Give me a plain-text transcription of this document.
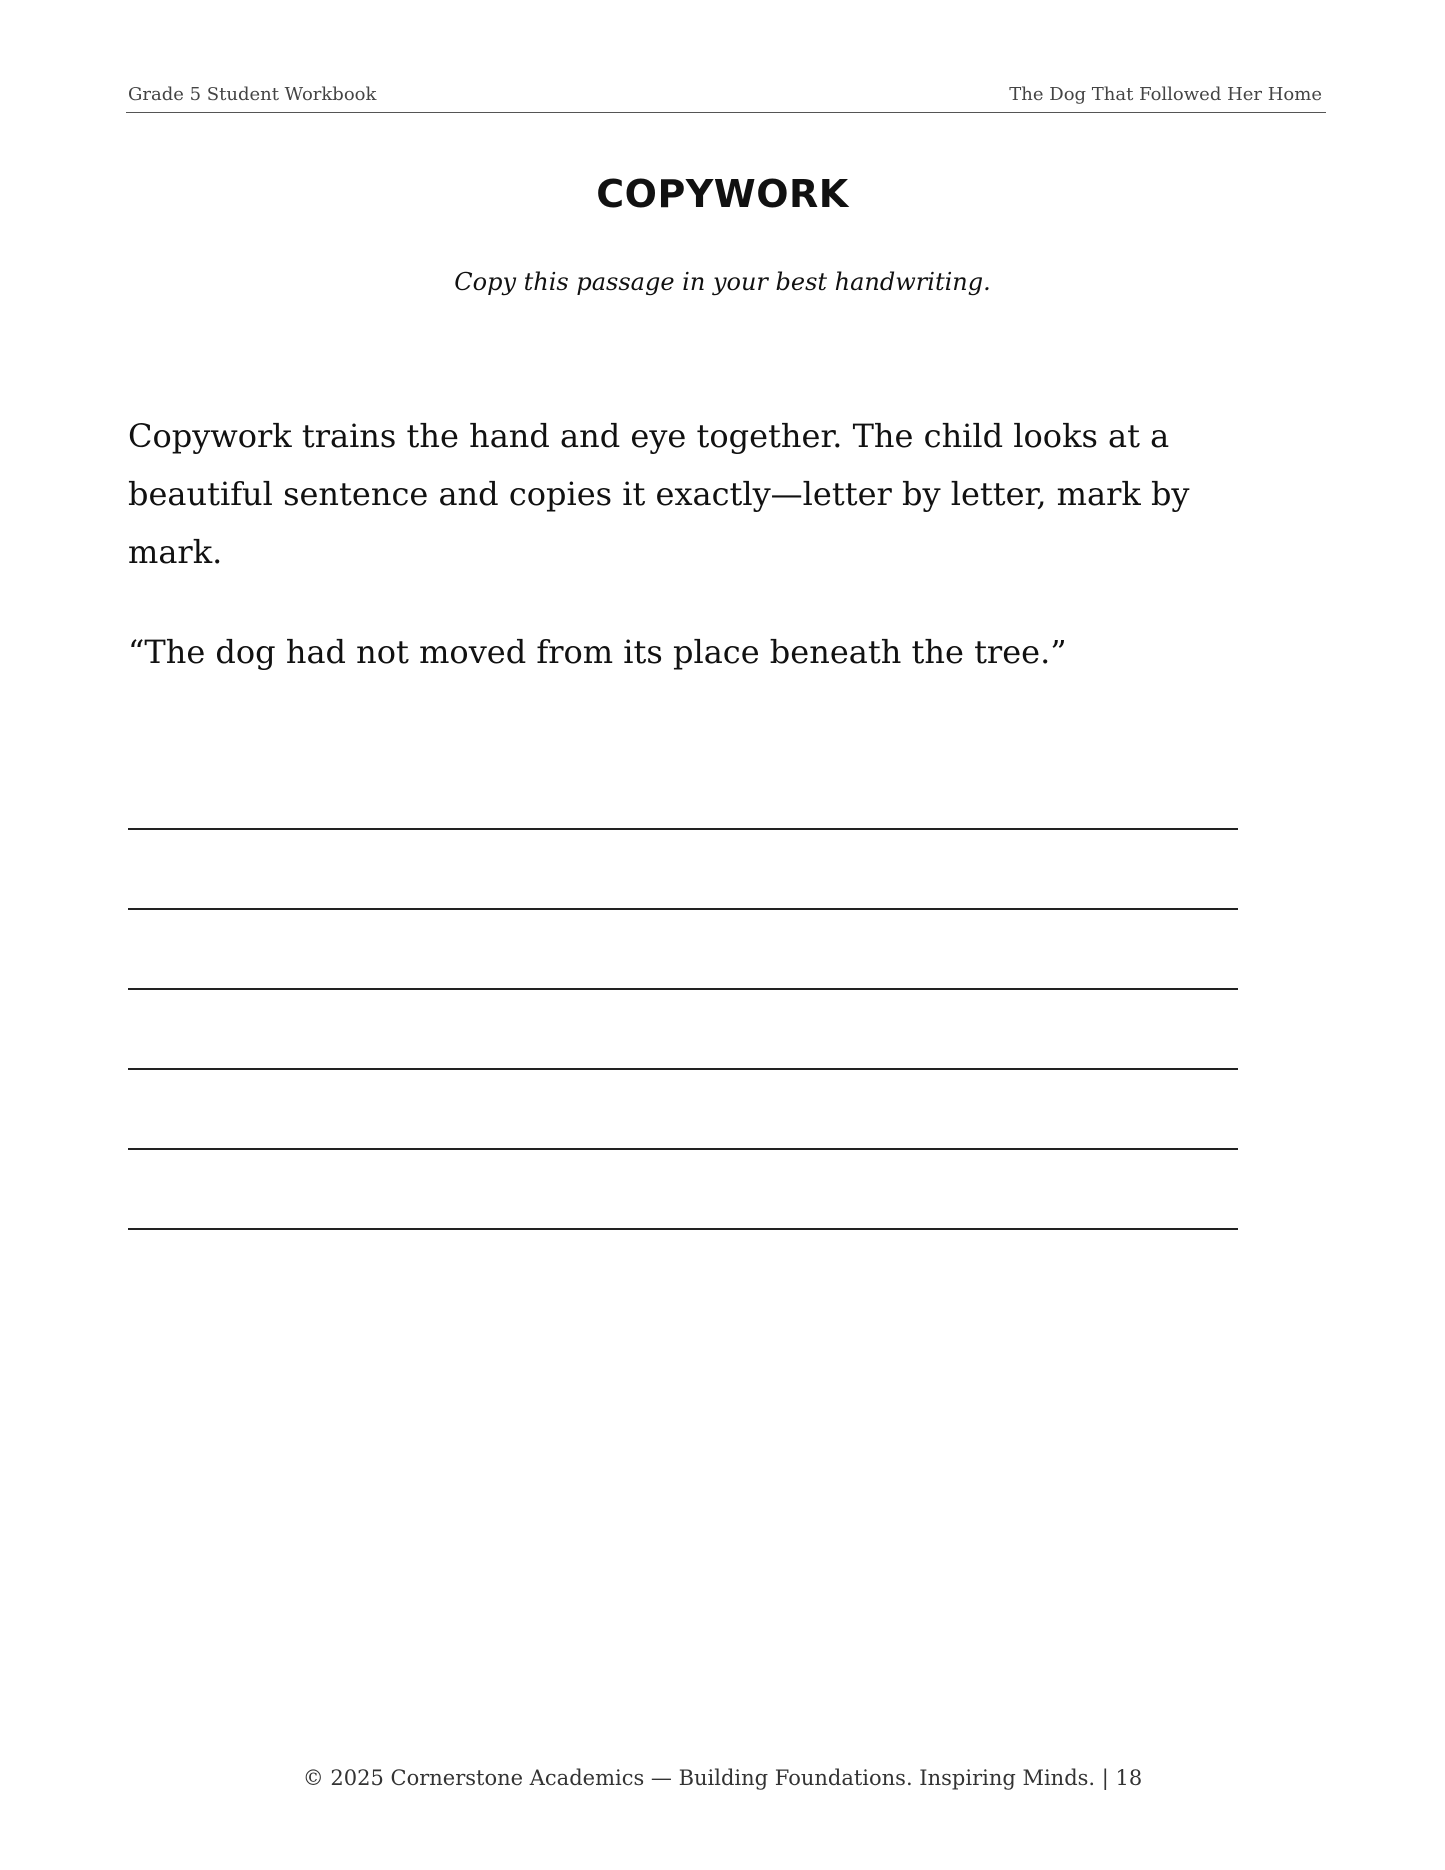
Grade 5 Student Workbook	The Dog That Followed Her Home
COPYWORK
Copy this passage in your best handwriting.
Copywork trains the hand and eye together. The child looks at a beautiful sentence and copies it exactly—letter by letter, mark by mark.
“The dog had not moved from its place beneath the tree.”
© 2025 Cornerstone Academics — Building Foundations. Inspiring Minds. | 18
